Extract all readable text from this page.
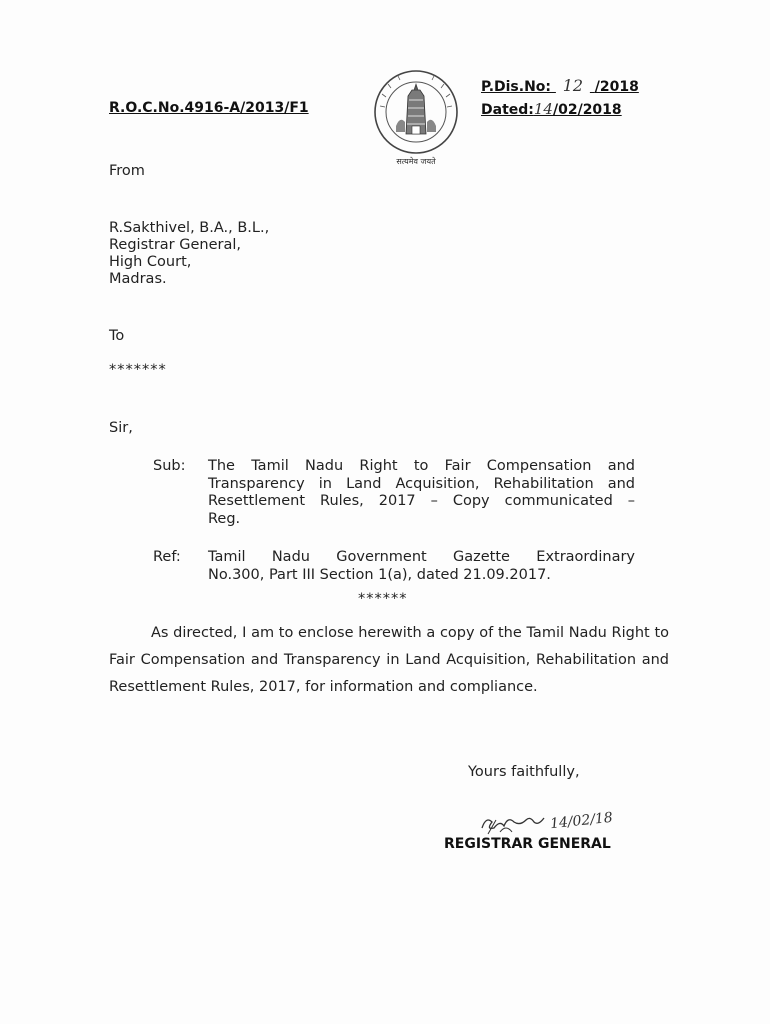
R.O.C.No.4916-A/2013/F1
सत्यमेव जयते
P.Dis.No: 12 /2018
Dated:14/02/2018
From
R.Sakthivel, B.A., B.L.,
Registrar General,
High Court,
Madras.
To
*******
Sir,
Sub: The Tamil Nadu Right to Fair Compensation and
Transparency in Land Acquisition, Rehabilitation and
Resettlement Rules, 2017 – Copy communicated –
Reg.
Ref: Tamil Nadu Government Gazette Extraordinary
No.300, Part III Section 1(a), dated 21.09.2017.
******
As directed, I am to enclose herewith a copy of the Tamil Nadu Right to Fair Compensation and Transparency in Land Acquisition, Rehabilitation and Resettlement Rules, 2017, for information and compliance.
Yours faithfully,
14/02/18
REGISTRAR GENERAL
